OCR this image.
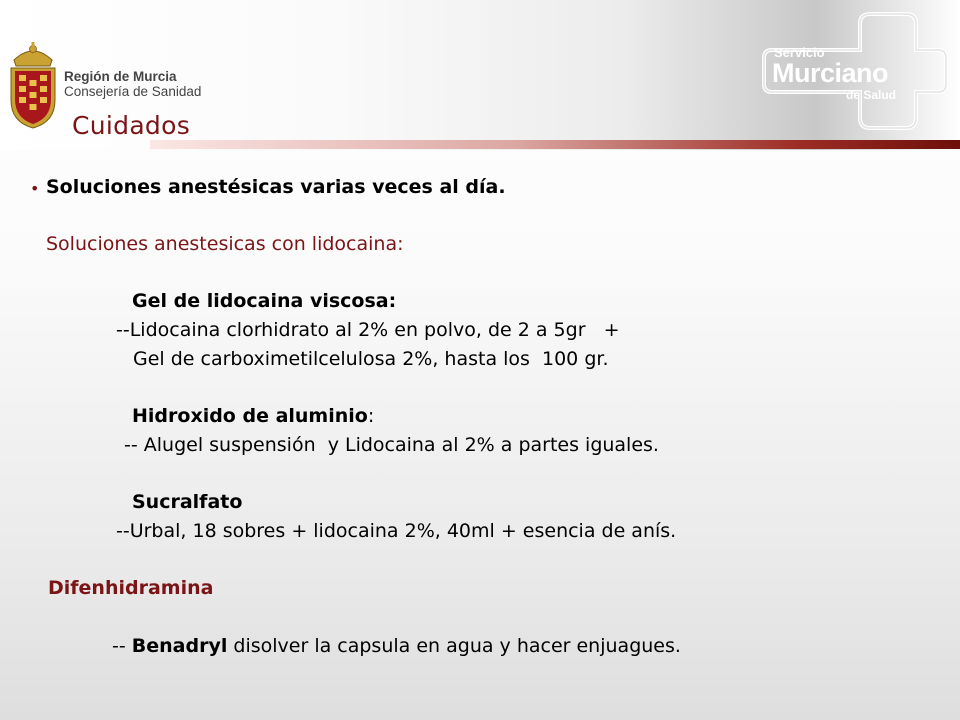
Región de Murcia
Consejería de Sanidad
Servicio
Murciano
de Salud
Cuidados
• Soluciones anestésicas varias veces al día.
Soluciones anestesicas con lidocaina:
Gel de lidocaina viscosa:
--Lidocaina clorhidrato al 2% en polvo, de 2 a 5gr   +
Gel de carboximetilcelulosa 2%, hasta los  100 gr.
Hidroxido de aluminio:
-- Alugel suspensión  y Lidocaina al 2% a partes iguales.
Sucralfato
--Urbal, 18 sobres + lidocaina 2%, 40ml + esencia de anís.
Difenhidramina
-- Benadryl disolver la capsula en agua y hacer enjuagues.
